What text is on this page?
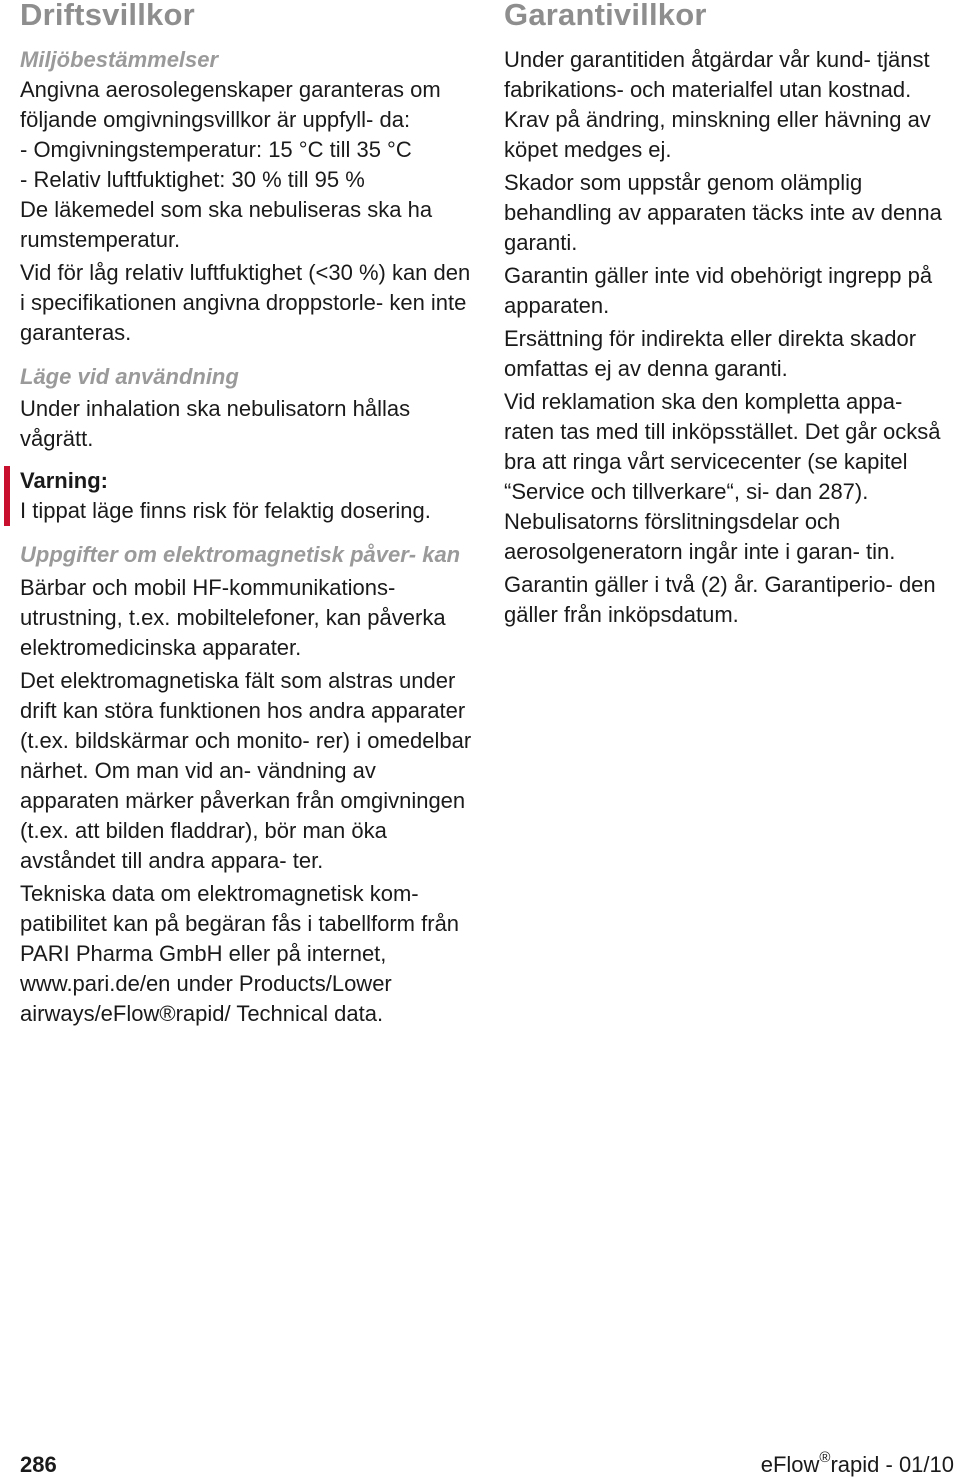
Driftsvillkor
Miljöbestämmelser

Angivna aerosolegenskaper garanteras om följande omgivningsvillkor är uppfyll- da:

- Omgivningstemperatur: 15 °C till 35 °C

- Relativ luftfuktighet: 30 % till 95 %

De läkemedel som ska nebuliseras ska ha rumstemperatur.

Vid för låg relativ luftfuktighet (<30 %) kan den i specifikationen angivna droppstorle- ken inte garanteras.

Läge vid användning

Under inhalation ska nebulisatorn hållas vågrätt.

Varning:

I tippat läge finns risk för felaktig dosering.

Uppgifter om elektromagnetisk påver- kan

Bärbar och mobil HF-kommunikations- utrustning, t.ex. mobiltelefoner, kan påverka elektromedicinska apparater.

Det elektromagnetiska fält som alstras under drift kan störa funktionen hos andra apparater (t.ex. bildskärmar och monito- rer) i omedelbar närhet. Om man vid an- vändning av apparaten märker påverkan från omgivningen (t.ex. att bilden fladdrar), bör man öka avståndet till andra appara- ter.

Tekniska data om elektromagnetisk kom- patibilitet kan på begäran fås i tabellform från PARI Pharma GmbH eller på internet, www.pari.de/en under Products/Lower airways/eFlow®rapid/ Technical data.

Garantivillkor

Under garantitiden åtgärdar vår kund- tjänst fabrikations- och materialfel utan kostnad. Krav på ändring, minskning eller hävning av köpet medges ej.

Skador som uppstår genom olämplig behandling av apparaten täcks inte av denna garanti.

Garantin gäller inte vid obehörigt ingrepp på apparaten.

Ersättning för indirekta eller direkta skador omfattas ej av denna garanti.

Vid reklamation ska den kompletta appa- raten tas med till inköpsstället. Det går också bra att ringa vårt servicecenter (se kapitel “Service och tillverkare“, si- dan 287). Nebulisatorns förslitningsdelar och aerosolgeneratorn ingår inte i garan- tin.

Garantin gäller i två (2) år. Garantiperio- den gäller från inköpsdatum.

286	eFlow®rapid - 01/10
